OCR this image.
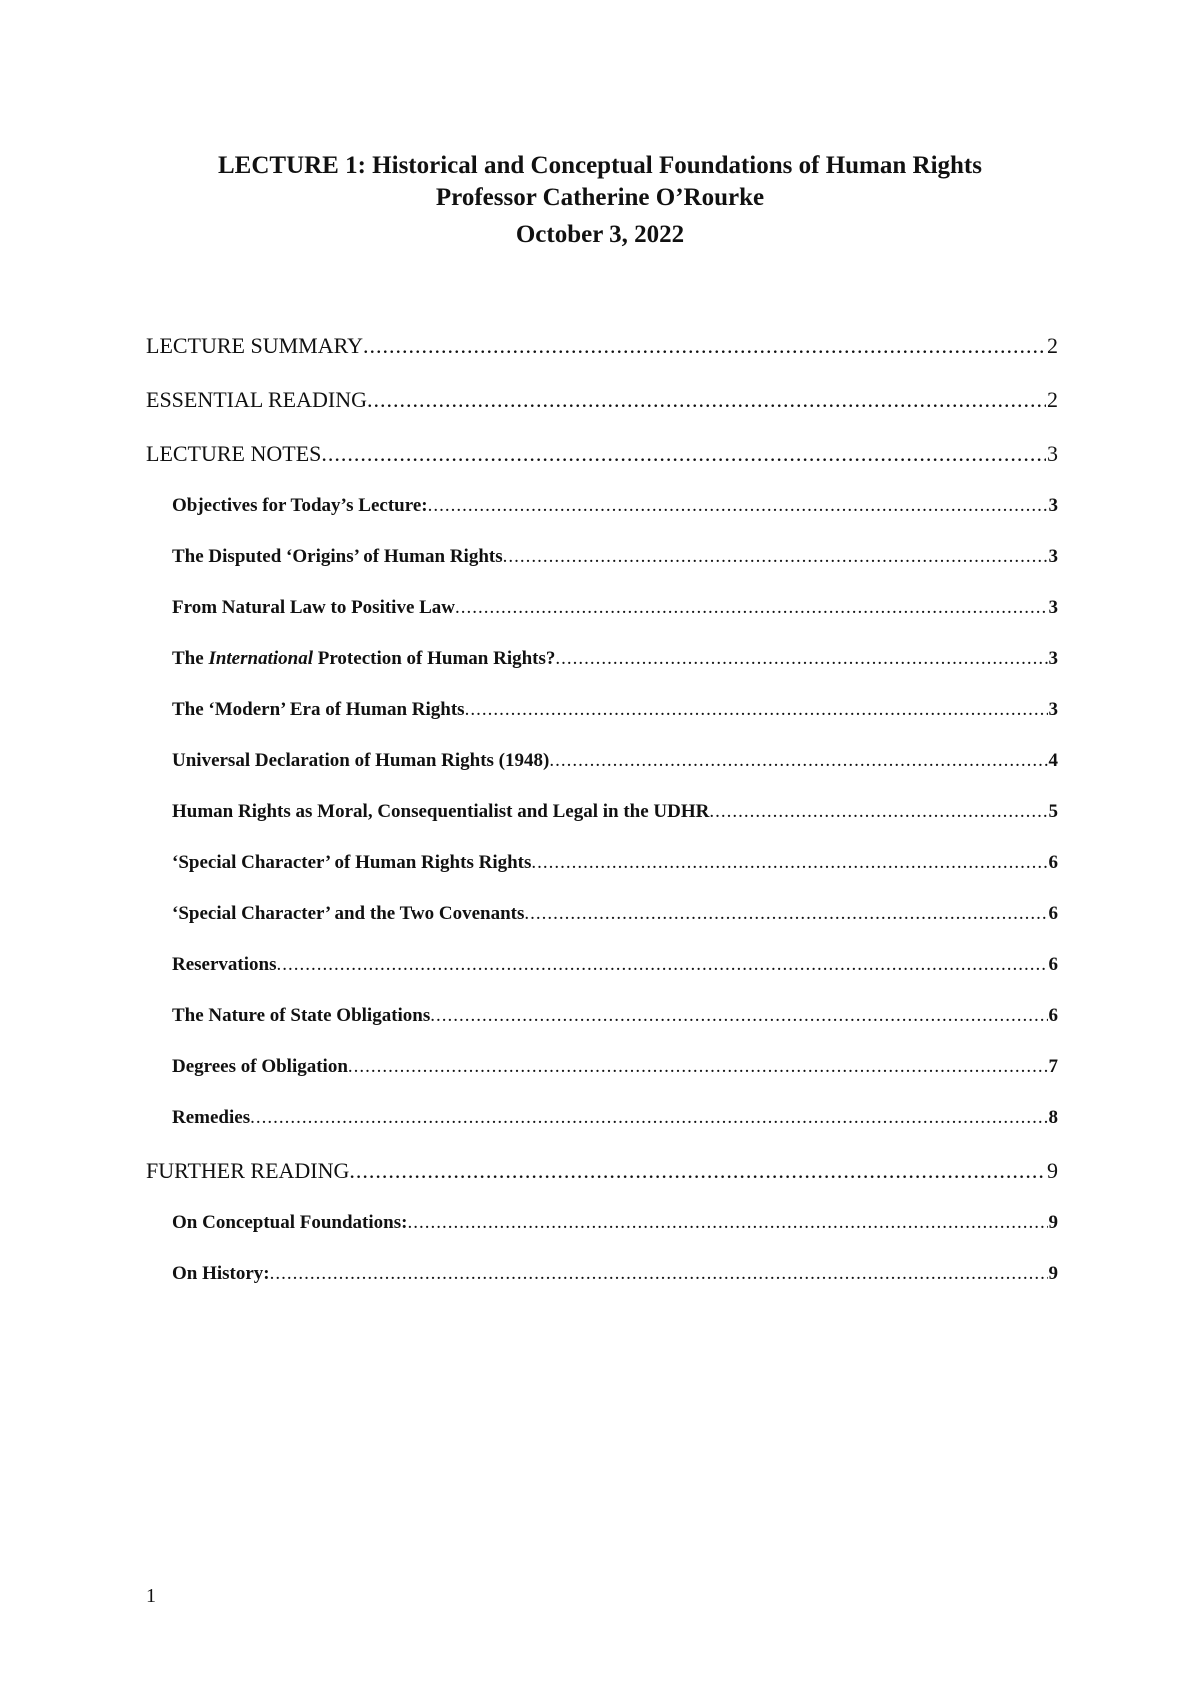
LECTURE 1: Historical and Conceptual Foundations of Human Rights
Professor Catherine O’Rourke
October 3, 2022
LECTURE SUMMARY .....	2
ESSENTIAL READING .....	2
LECTURE NOTES .....	3
Objectives for Today’s Lecture: .....	3
The Disputed ‘Origins’ of Human Rights .....	3
From Natural Law to Positive Law .....	3
The International Protection of Human Rights? .....	3
The ‘Modern’ Era of Human Rights .....	3
Universal Declaration of Human Rights (1948) .....	4
Human Rights as Moral, Consequentialist and Legal in the UDHR .....	5
‘Special Character’ of Human Rights Rights .....	6
‘Special Character’ and the Two Covenants .....	6
Reservations .....	6
The Nature of State Obligations .....	6
Degrees of Obligation .....	7
Remedies .....	8
FURTHER READING .....	9
On Conceptual Foundations: .....	9
On History: .....	9
1
